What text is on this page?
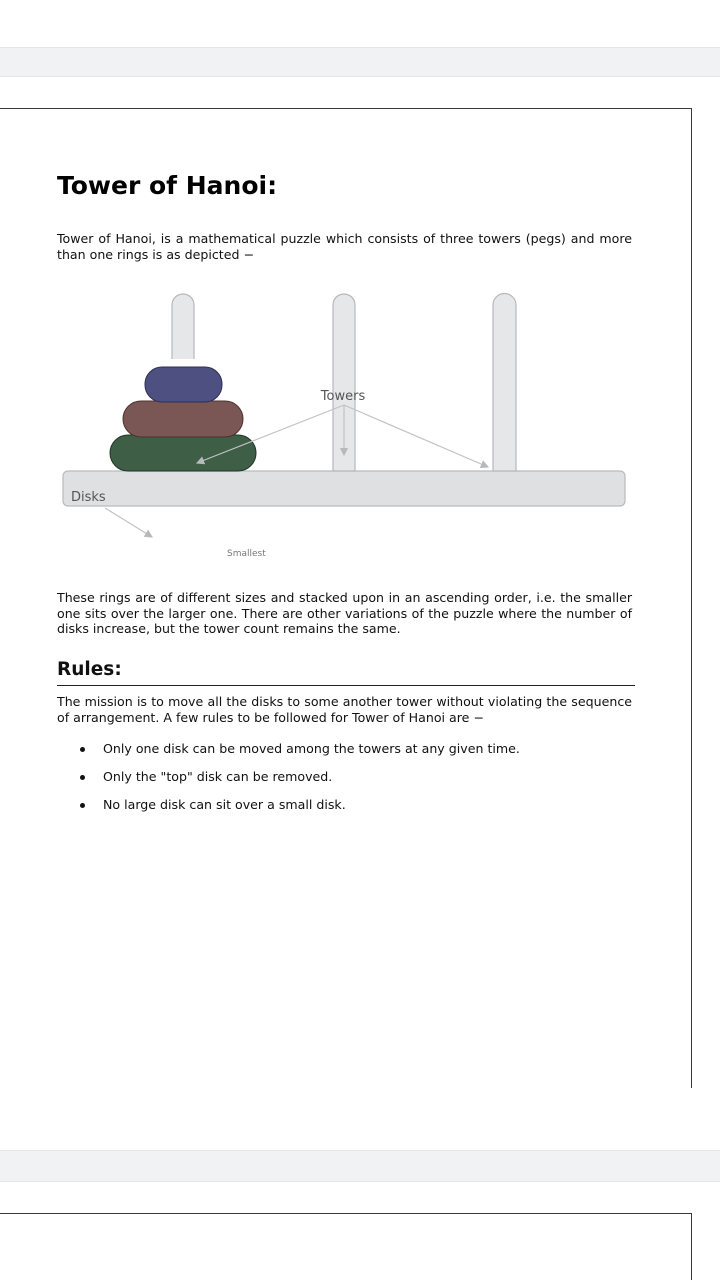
Tower of Hanoi:

Tower of Hanoi, is a mathematical puzzle which consists of three towers (pegs) and more than one rings is as depicted −

Towers
Disks
Smallest

These rings are of different sizes and stacked upon in an ascending order, i.e. the smaller one sits over the larger one. There are other variations of the puzzle where the number of disks increase, but the tower count remains the same.

Rules:

The mission is to move all the disks to some another tower without violating the sequence of arrangement. A few rules to be followed for Tower of Hanoi are −

Only one disk can be moved among the towers at any given time.
Only the "top" disk can be removed.
No large disk can sit over a small disk.
